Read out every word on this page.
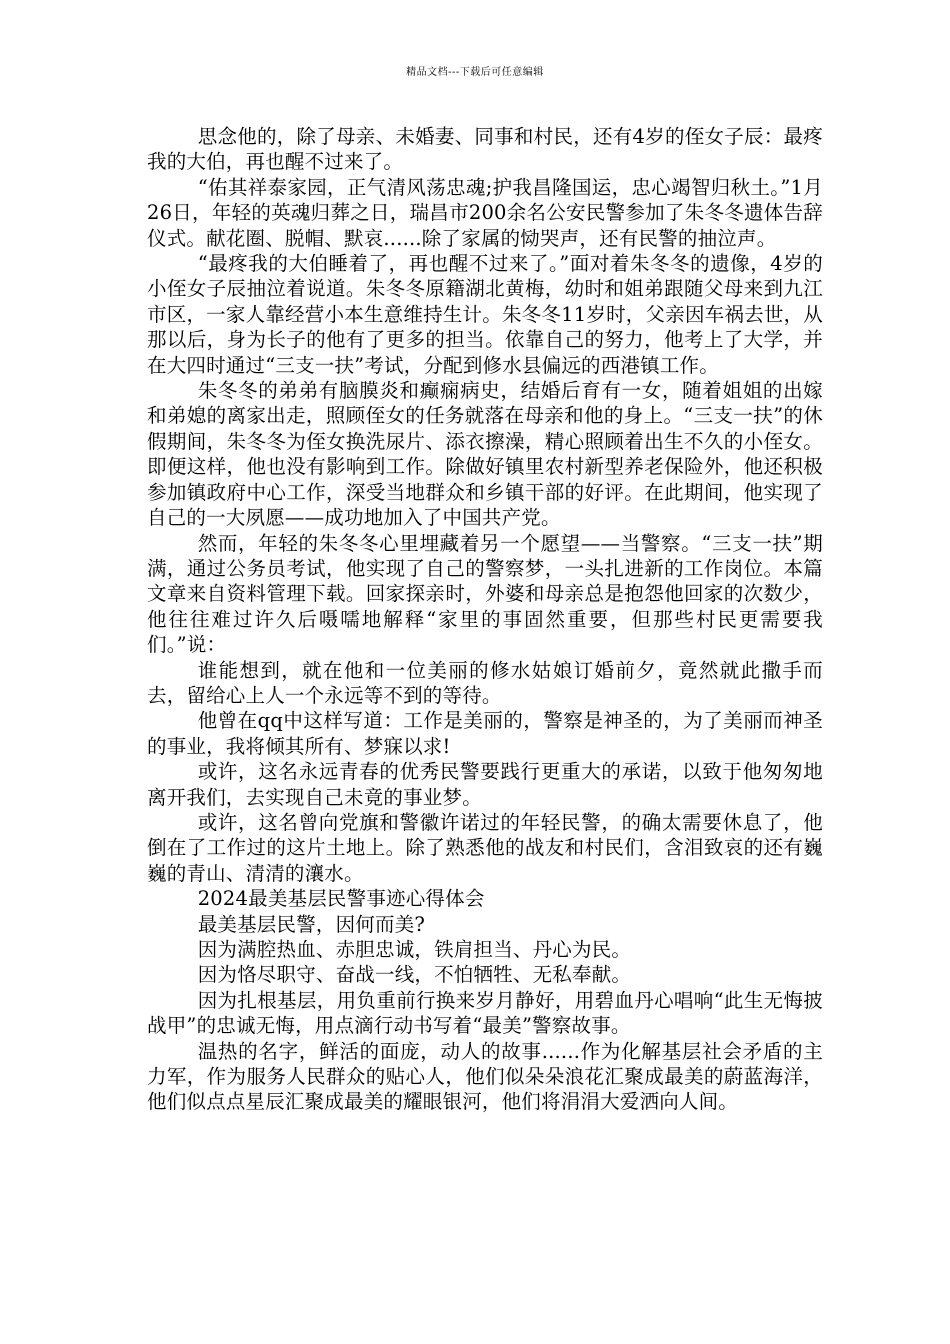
精品文档---下载后可任意编辑

思念他的，除了母亲、未婚妻、同事和村民，还有4岁的侄女子辰：最疼我的大伯，再也醒不过来了。

“佑其祥泰家园，正气清风荡忠魂;护我昌隆国运，忠心竭智归秋土。”1月26日，年轻的英魂归葬之日，瑞昌市200余名公安民警参加了朱冬冬遗体告辞仪式。献花圈、脱帽、默哀......除了家属的恸哭声，还有民警的抽泣声。

“最疼我的大伯睡着了，再也醒不过来了。”面对着朱冬冬的遗像，4岁的小侄女子辰抽泣着说道。朱冬冬原籍湖北黄梅，幼时和姐弟跟随父母来到九江市区，一家人靠经营小本生意维持生计。朱冬冬11岁时，父亲因车祸去世，从那以后，身为长子的他有了更多的担当。依靠自己的努力，他考上了大学，并在大四时通过“三支一扶”考试，分配到修水县偏远的西港镇工作。

朱冬冬的弟弟有脑膜炎和癫痫病史，结婚后育有一女，随着姐姐的出嫁和弟媳的离家出走，照顾侄女的任务就落在母亲和他的身上。“三支一扶”的休假期间，朱冬冬为侄女换洗尿片、添衣擦澡，精心照顾着出生不久的小侄女。即便这样，他也没有影响到工作。除做好镇里农村新型养老保险外，他还积极参加镇政府中心工作，深受当地群众和乡镇干部的好评。在此期间，他实现了自己的一大夙愿——成功地加入了中国共产党。

然而，年轻的朱冬冬心里埋藏着另一个愿望——当警察。“三支一扶”期满，通过公务员考试，他实现了自己的警察梦，一头扎进新的工作岗位。本篇文章来自资料管理下载。回家探亲时，外婆和母亲总是抱怨他回家的次数少，他往往难过许久后嗫嚅地解释“家里的事固然重要，但那些村民更需要我们。”说：

谁能想到，就在他和一位美丽的修水姑娘订婚前夕，竟然就此撒手而去，留给心上人一个永远等不到的等待。

他曾在qq中这样写道：工作是美丽的，警察是神圣的，为了美丽而神圣的事业，我将倾其所有、梦寐以求!

或许，这名永远青春的优秀民警要践行更重大的承诺，以致于他匆匆地离开我们，去实现自己未竟的事业梦。

或许，这名曾向党旗和警徽许诺过的年轻民警，的确太需要休息了，他倒在了工作过的这片土地上。除了熟悉他的战友和村民们，含泪致哀的还有巍巍的青山、清清的瀼水。

2024最美基层民警事迹心得体会

最美基层民警，因何而美?

因为满腔热血、赤胆忠诚，铁肩担当、丹心为民。

因为恪尽职守、奋战一线，不怕牺牲、无私奉献。

因为扎根基层，用负重前行换来岁月静好，用碧血丹心唱响“此生无悔披战甲”的忠诚无悔，用点滴行动书写着“最美”警察故事。

温热的名字，鲜活的面庞，动人的故事......作为化解基层社会矛盾的主力军，作为服务人民群众的贴心人，他们似朵朵浪花汇聚成最美的蔚蓝海洋，他们似点点星辰汇聚成最美的耀眼银河，他们将涓涓大爱洒向人间。
